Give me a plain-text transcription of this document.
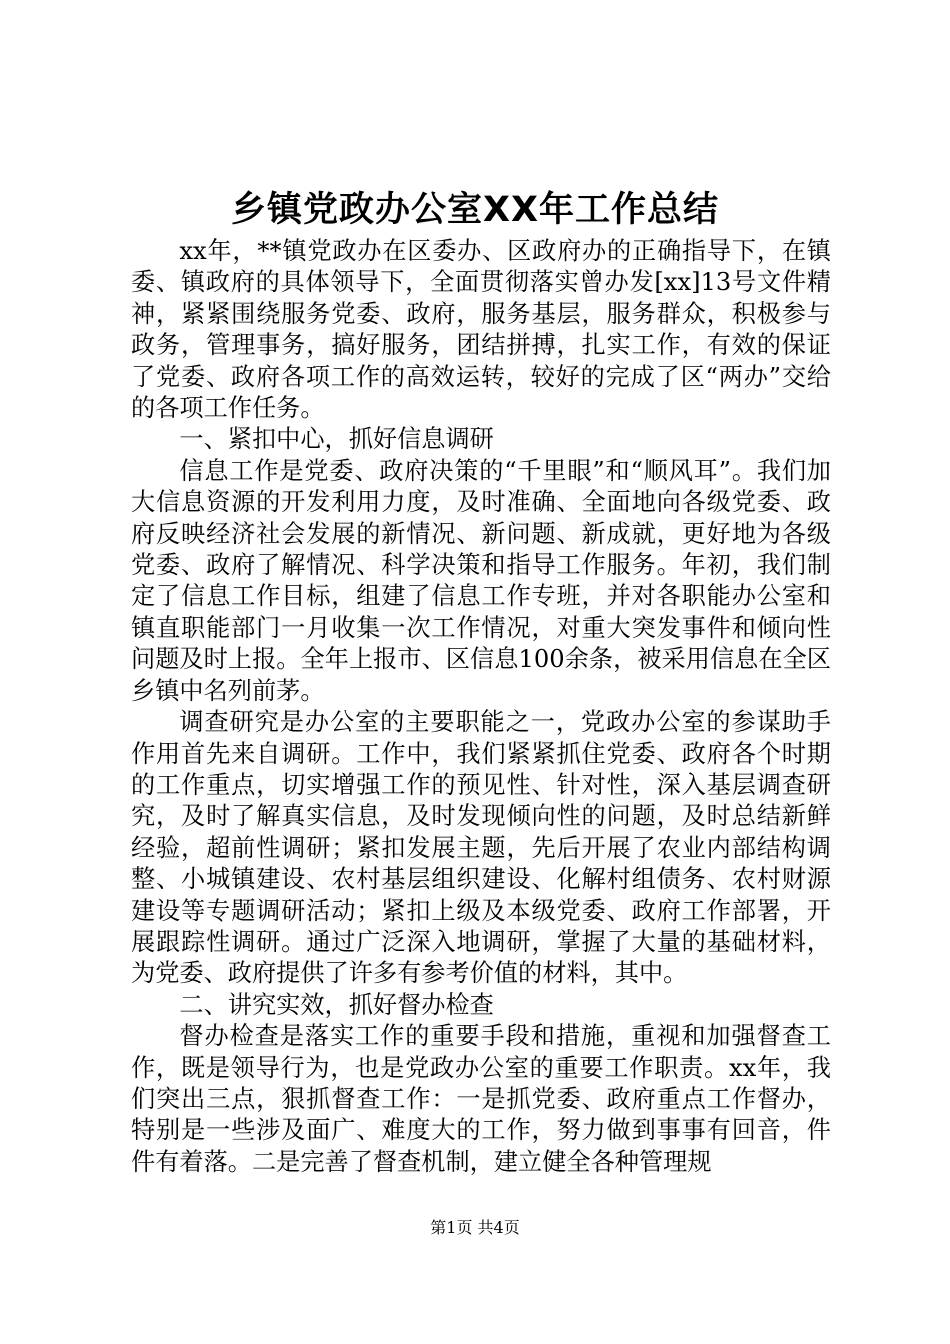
乡镇党政办公室XX年工作总结

xx年，**镇党政办在区委办、区政府办的正确指导下，在镇委、镇政府的具体领导下，全面贯彻落实曾办发[xx]13号文件精神，紧紧围绕服务党委、政府，服务基层，服务群众，积极参与政务，管理事务，搞好服务，团结拼搏，扎实工作，有效的保证了党委、政府各项工作的高效运转，较好的完成了区“两办”交给的各项工作任务。

一、紧扣中心，抓好信息调研

信息工作是党委、政府决策的“千里眼”和“顺风耳”。我们加大信息资源的开发利用力度，及时准确、全面地向各级党委、政府反映经济社会发展的新情况、新问题、新成就，更好地为各级党委、政府了解情况、科学决策和指导工作服务。年初，我们制定了信息工作目标，组建了信息工作专班，并对各职能办公室和镇直职能部门一月收集一次工作情况，对重大突发事件和倾向性问题及时上报。全年上报市、区信息100余条，被采用信息在全区乡镇中名列前茅。

调查研究是办公室的主要职能之一，党政办公室的参谋助手作用首先来自调研。工作中，我们紧紧抓住党委、政府各个时期的工作重点，切实增强工作的预见性、针对性，深入基层调查研究，及时了解真实信息，及时发现倾向性的问题，及时总结新鲜经验，超前性调研；紧扣发展主题，先后开展了农业内部结构调整、小城镇建设、农村基层组织建设、化解村组债务、农村财源建设等专题调研活动；紧扣上级及本级党委、政府工作部署，开展跟踪性调研。通过广泛深入地调研，掌握了大量的基础材料，为党委、政府提供了许多有参考价值的材料，其中。

二、讲究实效，抓好督办检查

督办检查是落实工作的重要手段和措施，重视和加强督查工作，既是领导行为，也是党政办公室的重要工作职责。xx年，我们突出三点，狠抓督查工作：一是抓党委、政府重点工作督办，特别是一些涉及面广、难度大的工作，努力做到事事有回音，件件有着落。二是完善了督查机制，建立健全各种管理规

第1页 共4页
